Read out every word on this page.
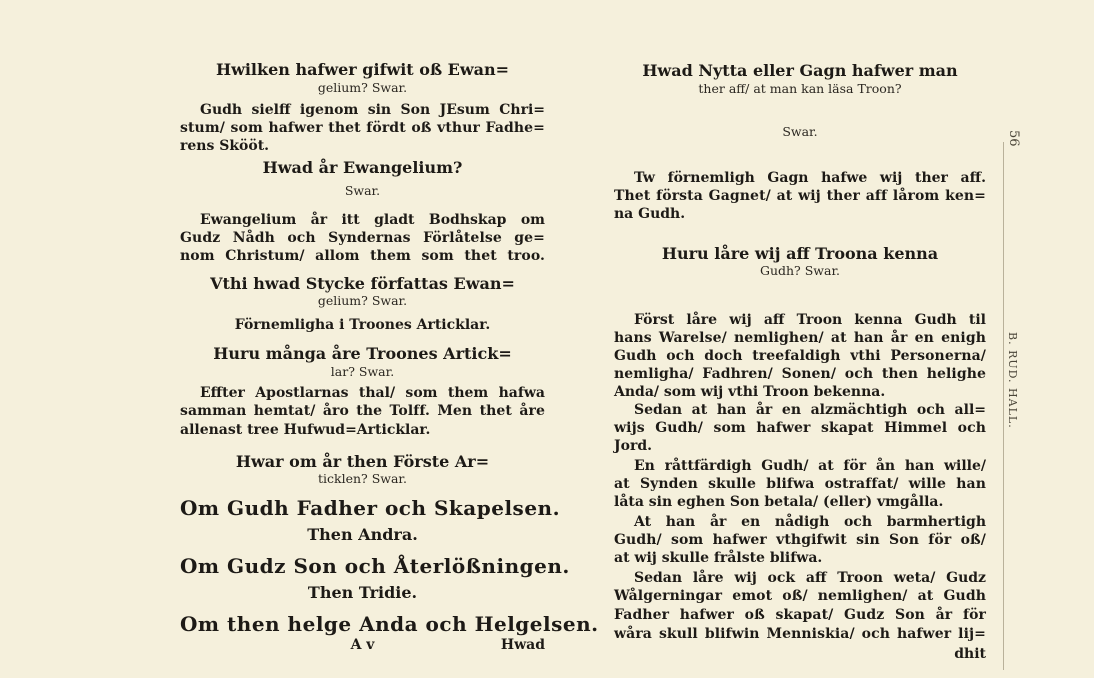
Hwilken hafwer gifwit oß Ewan=
gelium? Swar.
Gudh sielff igenom sin Son JEsum Chri=
stum/ som hafwer thet fördt oß vthur Fadhe=
rens Skööt.
Hwad år Ewangelium?
Swar.
Ewangelium år itt gladt Bodhskap om
Gudz Nådh och Syndernas Förlåtelse ge=
nom Christum/ allom them som thet troo.
Vthi hwad Stycke författas Ewan=
gelium? Swar.
Förnemligha i Troones Articklar.
Huru många åre Troones Artick=
lar? Swar.
Effter Apostlarnas thal/ som them hafwa
samman hemtat/ åro the Tolff. Men thet åre
allenast tree Hufwud=Articklar.
Hwar om år then Förste Ar=
ticklen? Swar.
Om Gudh Fadher och Skapelsen.
Then Andra.
Om Gudz Son och Återlößningen.
Then Tridie.
Om then helge Anda och Helgelsen.
A v	Hwad
Hwad Nytta eller Gagn hafwer man
ther aff/ at man kan läsa Troon?
Swar.
Tw förnemligh Gagn hafwe wij ther aff.
Thet första Gagnet/ at wij ther aff lårom ken=
na Gudh.
Huru låre wij aff Troona kenna
Gudh? Swar.
Först låre wij aff Troon kenna Gudh til
hans Warelse/ nemlighen/ at han år en enigh
Gudh och doch treefaldigh vthi Personerna/
nemligha/ Fadhren/ Sonen/ och then helighe
Anda/ som wij vthi Troon bekenna.
Sedan at han år en alzmächtigh och all=
wijs Gudh/ som hafwer skapat Himmel och
Jord.
En råttfärdigh Gudh/ at för ån han wille/
at Synden skulle blifwa ostraffat/ wille han
låta sin eghen Son betala/ (eller) vmgålla.
At han år en nådigh och barmhertigh
Gudh/ som hafwer vthgifwit sin Son för oß/
at wij skulle frålste blifwa.
Sedan låre wij ock aff Troon weta/ Gudz
Wålgerningar emot oß/ nemlighen/ at Gudh
Fadher hafwer oß skapat/ Gudz Son år för
wåra skull blifwin Menniskia/ och hafwer lij=
dhit
56
B. RUD. HALL.
